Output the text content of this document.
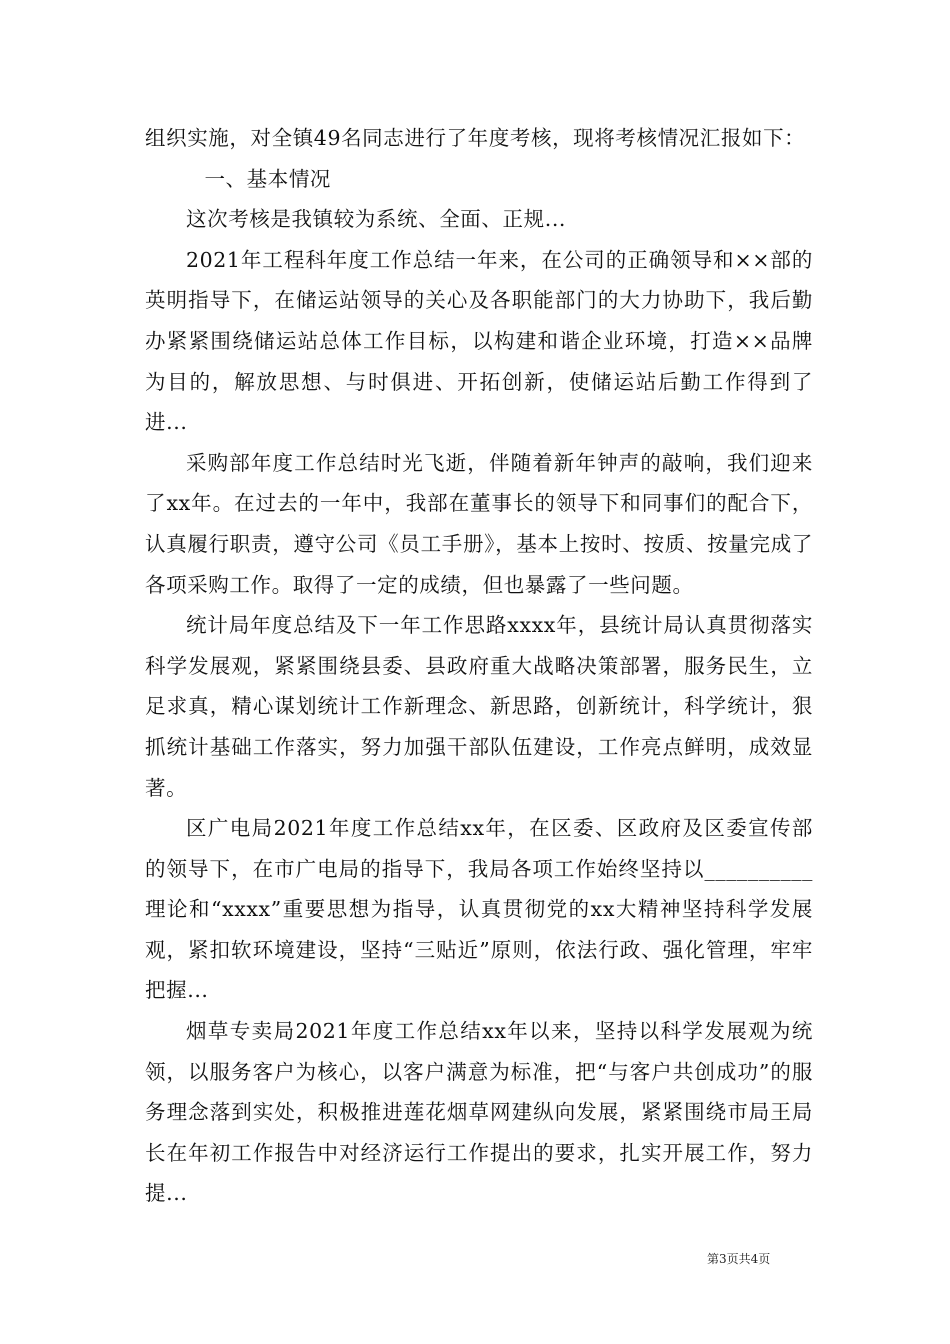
组织实施，对全镇49名同志进行了年度考核，现将考核情况汇报如下：

一、基本情况

这次考核是我镇较为系统、全面、正规...

2021年工程科年度工作总结一年来，在公司的正确领导和××部的英明指导下，在储运站领导的关心及各职能部门的大力协助下，我后勤办紧紧围绕储运站总体工作目标，以构建和谐企业环境，打造××品牌为目的，解放思想、与时俱进、开拓创新，使储运站后勤工作得到了进...

采购部年度工作总结时光飞逝，伴随着新年钟声的敲响，我们迎来了xx年。在过去的一年中，我部在董事长的领导下和同事们的配合下，认真履行职责，遵守公司《员工手册》，基本上按时、按质、按量完成了各项采购工作。取得了一定的成绩，但也暴露了一些问题。

统计局年度总结及下一年工作思路xxxx年，县统计局认真贯彻落实科学发展观，紧紧围绕县委、县政府重大战略决策部署，服务民生，立足求真，精心谋划统计工作新理念、新思路，创新统计，科学统计，狠抓统计基础工作落实，努力加强干部队伍建设，工作亮点鲜明，成效显著。

区广电局2021年度工作总结xx年，在区委、区政府及区委宣传部的领导下，在市广电局的指导下，我局各项工作始终坚持以__________理论和“xxxx”重要思想为指导，认真贯彻党的xx大精神坚持科学发展观，紧扣软环境建设，坚持“三贴近”原则，依法行政、强化管理，牢牢把握...

烟草专卖局2021年度工作总结xx年以来，坚持以科学发展观为统领，以服务客户为核心，以客户满意为标准，把“与客户共创成功”的服务理念落到实处，积极推进莲花烟草网建纵向发展，紧紧围绕市局王局长在年初工作报告中对经济运行工作提出的要求，扎实开展工作，努力提...

第3页共4页
